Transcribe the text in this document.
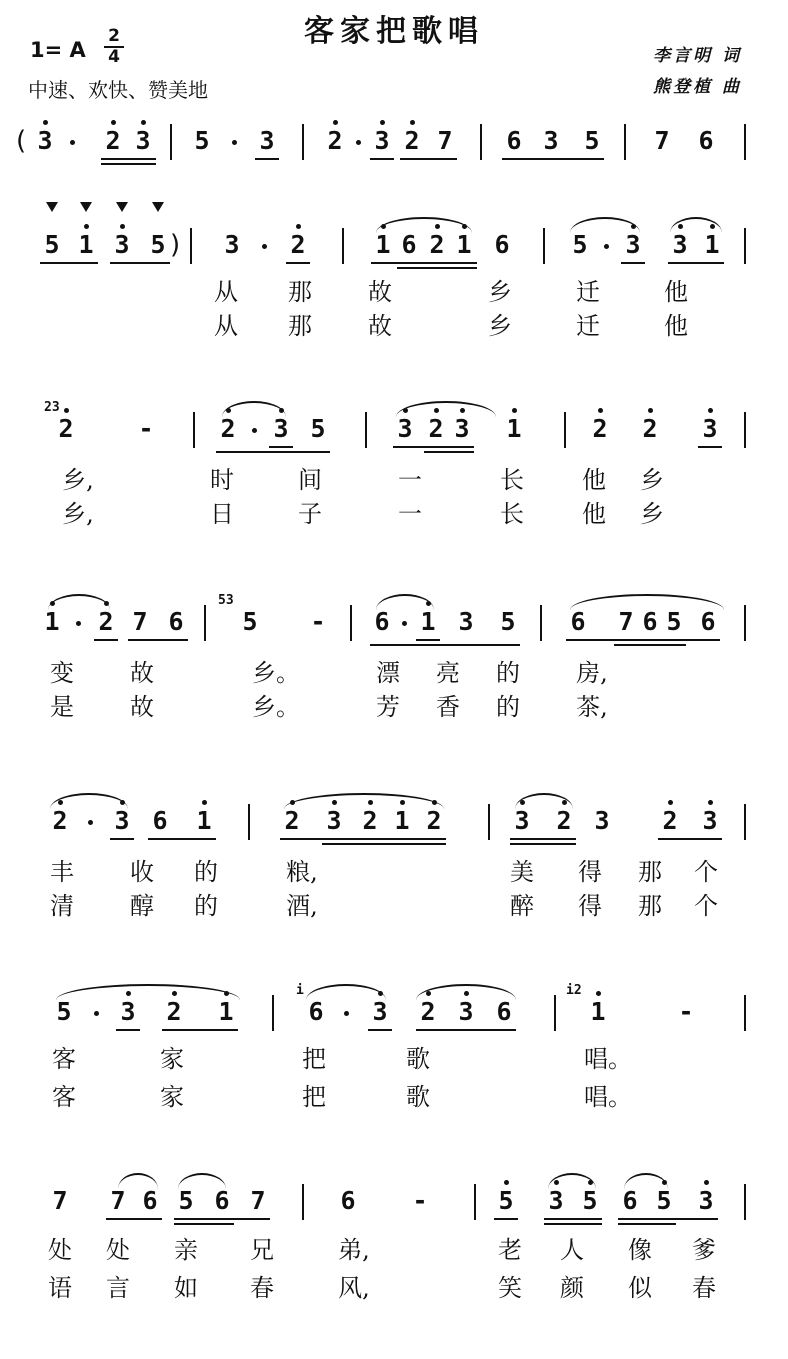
客家把歌唱
1= A
2
4
中速、欢快、赞美地
李言明 词
熊登植 曲
( 3 2 3 5 3 2 3 2 7 6 3 5 7 6
5 1 3 5 ) 3 2	1 6 2 1 6	5 3 3 1
从	那	故	乡	迁	他
从	那	故	乡	迁	他
23
2	-	2 3 5	3 2 3 1	2 2 3
乡,	时	间	一	长	他	乡
乡,	日	子	一	长	他	乡
1 2 7 6
53
5 - 6 1 3 5 6 7 6 5 6
变	故	乡。	漂	亮	的	房,
是	故	乡。	芳	香	的	茶,
2 3 6 1	2 3 2 1 2	3 2 3 2 3
丰	收	的	粮,	美	得	那	个
清	醇	的	酒,	醉	得	那	个
5 3 2 1
i
6 3 2 3 6
i2
1	-
客	家	把	歌	唱。
客	家	把	歌	唱。
7 7 6 5 6 7	6 -	5 3 5 6 5 3
处	处	亲	兄	弟,	老	人	像	爹
语	言	如	春	风,	笑	颜	似	春
